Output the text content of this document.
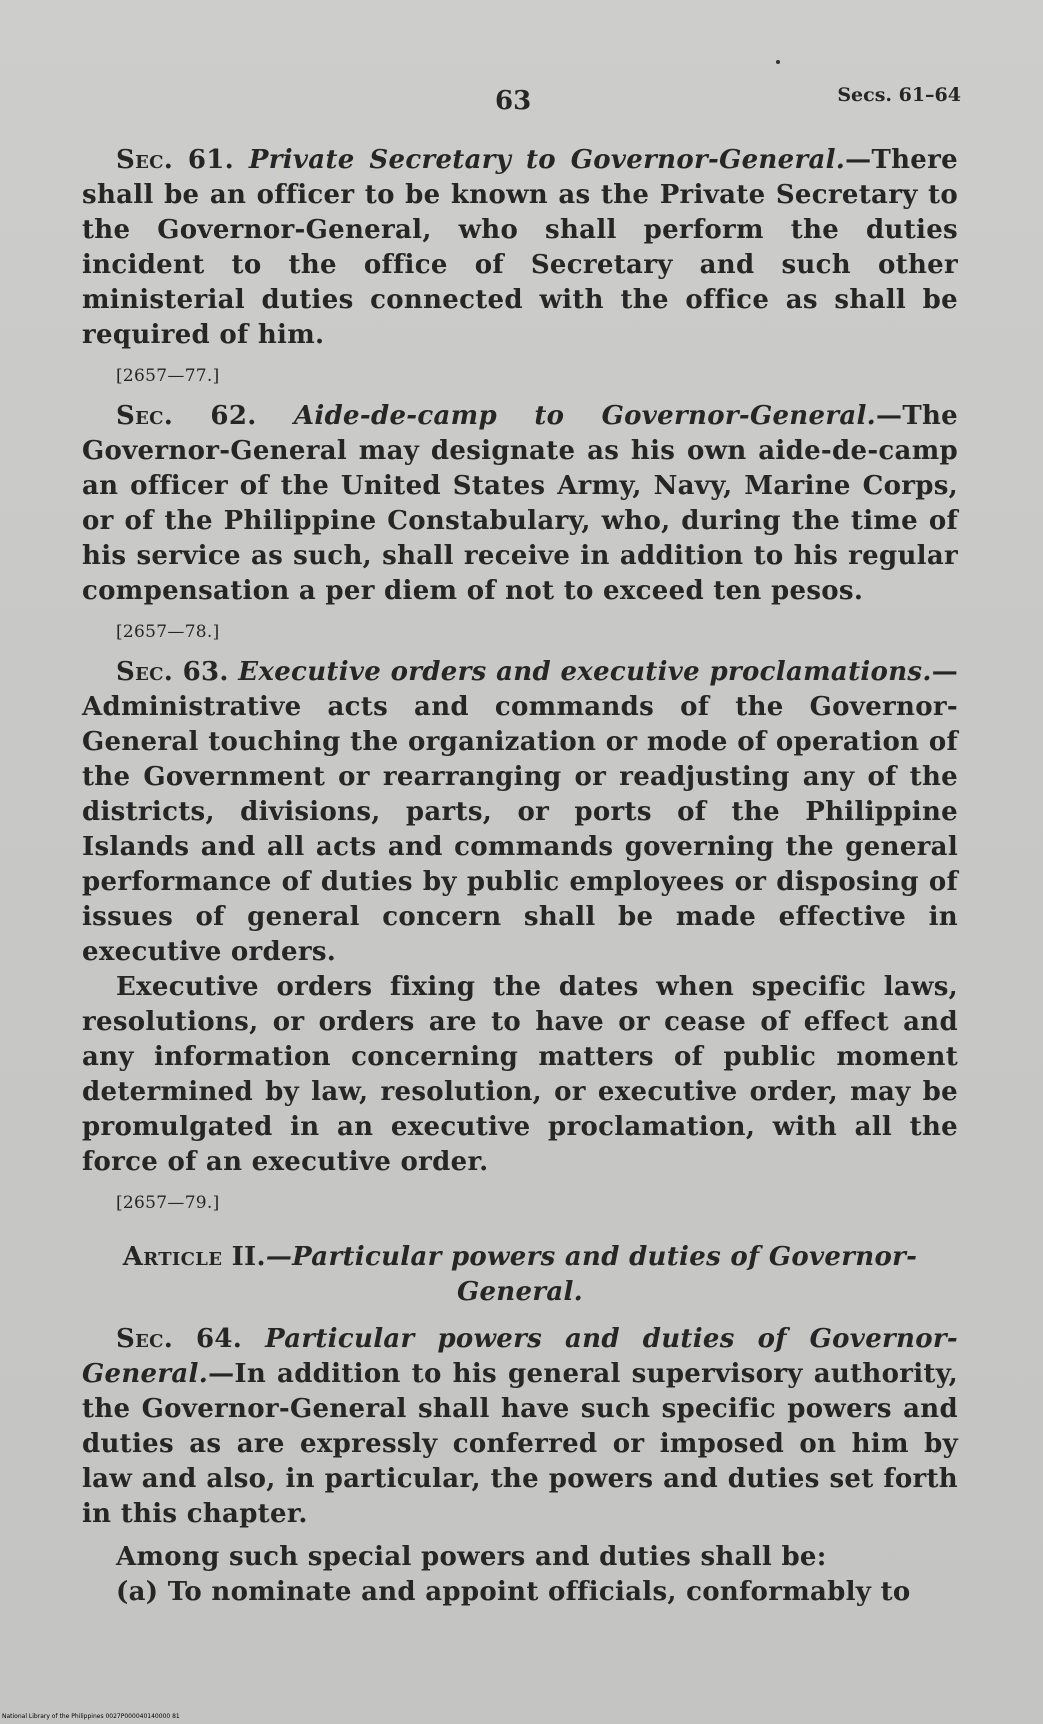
63	Secs. 61–64

Sec. 61. Private Secretary to Governor-General.—There shall be an officer to be known as the Private Secretary to the Governor-General, who shall perform the duties incident to the office of Secretary and such other ministerial duties connected with the office as shall be required of him.

[2657—77.]

Sec. 62. Aide-de-camp to Governor-General.—The Governor-General may designate as his own aide-de-camp an officer of the United States Army, Navy, Marine Corps, or of the Philippine Constabulary, who, during the time of his service as such, shall receive in addition to his regular compensation a per diem of not to exceed ten pesos.

[2657—78.]

Sec. 63. Executive orders and executive proclamations.—Administrative acts and commands of the Governor-General touching the organization or mode of operation of the Government or rearranging or readjusting any of the districts, divisions, parts, or ports of the Philippine Islands and all acts and commands governing the general performance of duties by public employees or disposing of issues of general concern shall be made effective in executive orders.

Executive orders fixing the dates when specific laws, resolutions, or orders are to have or cease of effect and any information concerning matters of public moment determined by law, resolution, or executive order, may be promulgated in an executive proclamation, with all the force of an executive order.

[2657—79.]
Article II.—Particular powers and duties of Governor-General.

Sec. 64. Particular powers and duties of Governor-General.—In addition to his general supervisory authority, the Governor-General shall have such specific powers and duties as are expressly conferred or imposed on him by law and also, in particular, the powers and duties set forth in this chapter.

Among such special powers and duties shall be:

(a) To nominate and appoint officials, conformably to

National Library of the Philippines 0027P000040140000 81
